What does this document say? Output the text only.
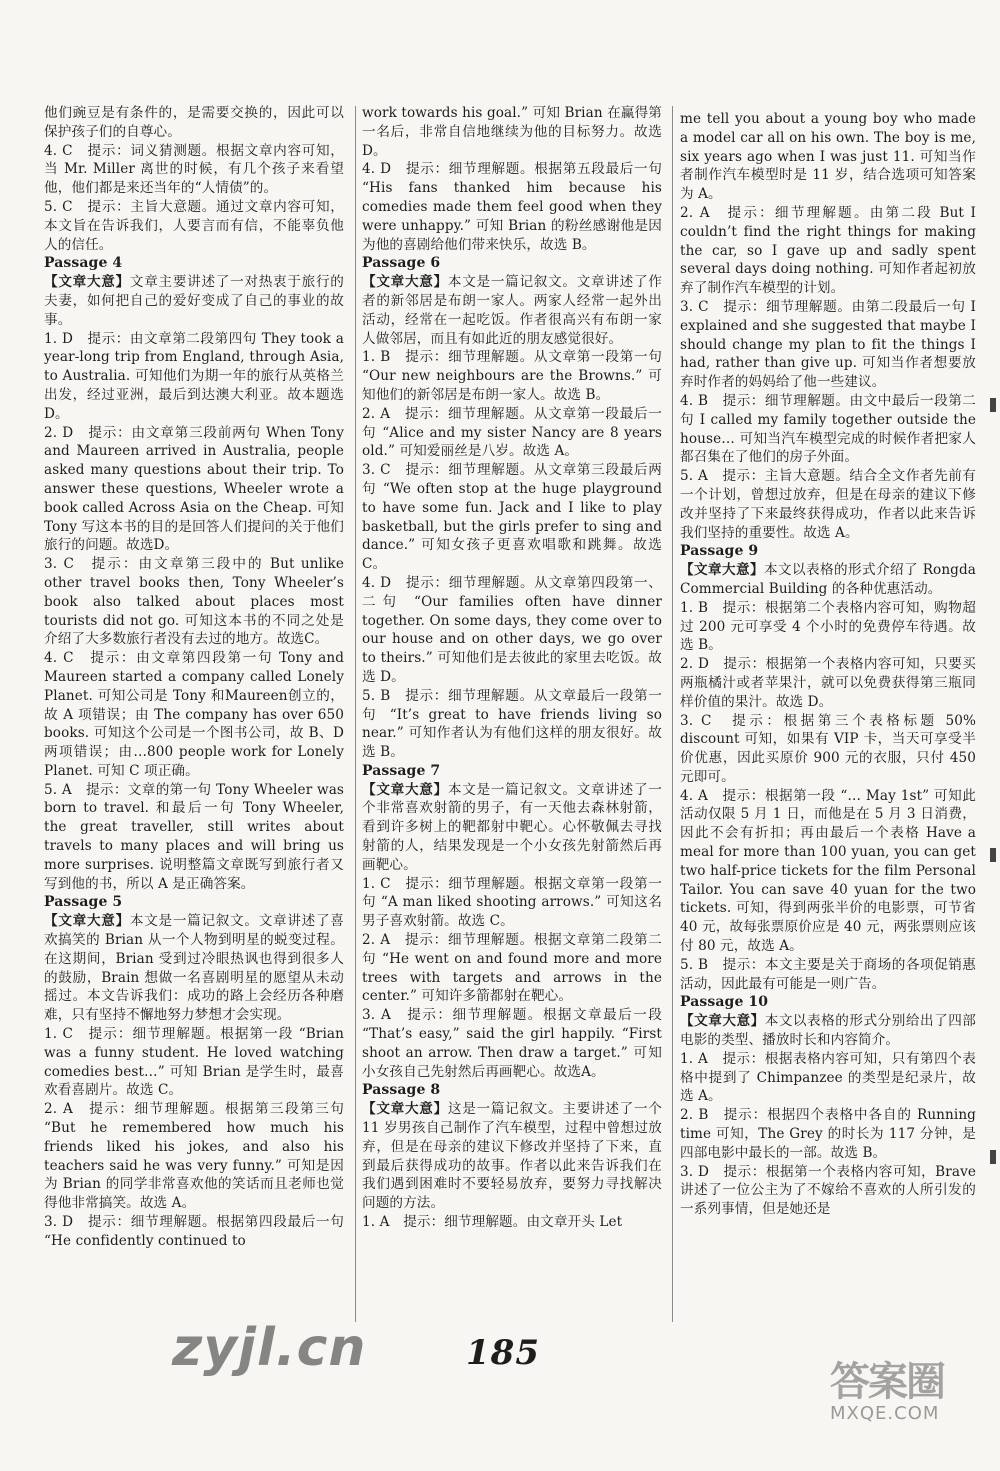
他们豌豆是有条件的，是需要交换的，因此可以保护孩子们的自尊心。
4. C　提示：词义猜测题。根据文章内容可知，当 Mr. Miller 离世的时候，有几个孩子来看望他，他们都是来还当年的“人情债”的。
5. C　提示：主旨大意题。通过文章内容可知，本文旨在告诉我们，人要言而有信，不能辜负他人的信任。
Passage 4
【文章大意】文章主要讲述了一对热衷于旅行的夫妻，如何把自己的爱好变成了自己的事业的故事。
1. D　提示：由文章第二段第四句 They took a year-long trip from England, through Asia, to Australia. 可知他们为期一年的旅行从英格兰出发，经过亚洲，最后到达澳大利亚。故本题选 D。
2. D　提示：由文章第三段前两句 When Tony and Maureen arrived in Australia, people asked many questions about their trip. To answer these questions, Wheeler wrote a book called Across Asia on the Cheap. 可知 Tony 写这本书的目的是回答人们提问的关于他们旅行的问题。故选D。
3. C　提示：由文章第三段中的 But unlike other travel books then, Tony Wheeler’s book also talked about places most tourists did not go. 可知这本书的不同之处是介绍了大多数旅行者没有去过的地方。故选C。
4. C　提示：由文章第四段第一句 Tony and Maureen started a company called Lonely Planet. 可知公司是 Tony 和Maureen创立的，故 A 项错误；由 The company has over 650 books. 可知这个公司是一个图书公司，故 B、D两项错误；由…800 people work for Lonely Planet. 可知 C 项正确。
5. A　提示：文章的第一句 Tony Wheeler was born to travel. 和最后一句 Tony Wheeler, the great traveller, still writes about travels to many places and will bring us more surprises. 说明整篇文章既写到旅行者又写到他的书，所以 A 是正确答案。
Passage 5
【文章大意】本文是一篇记叙文。文章讲述了喜欢搞笑的 Brian 从一个人物到明星的蜕变过程。在这期间，Brian 受到过冷眼热讽也得到很多人的鼓励，Brain 想做一名喜剧明星的愿望从未动摇过。本文告诉我们：成功的路上会经历各种磨难，只有坚持不懈地努力梦想才会实现。
1. C　提示：细节理解题。根据第一段 “Brian was a funny student. He loved watching comedies best…” 可知 Brian 是学生时，最喜欢看喜剧片。故选 C。
2. A　提示：细节理解题。根据第三段第三句 “But he remembered how much his friends liked his jokes, and also his teachers said he was very funny.” 可知是因为 Brian 的同学非常喜欢他的笑话而且老师也觉得他非常搞笑。故选 A。
3. D　提示：细节理解题。根据第四段最后一句 “He confidently continued to
work towards his goal.” 可知 Brian 在赢得第一名后，非常自信地继续为他的目标努力。故选 D。
4. D　提示：细节理解题。根据第五段最后一句 “His fans thanked him because his comedies made them feel good when they were unhappy.” 可知 Brian 的粉丝感谢他是因为他的喜剧给他们带来快乐，故选 B。
Passage 6
【文章大意】本文是一篇记叙文。文章讲述了作者的新邻居是布朗一家人。两家人经常一起外出活动，经常在一起吃饭。作者很高兴有布朗一家人做邻居，而且有如此近的朋友感觉很好。
1. B　提示：细节理解题。从文章第一段第一句 “Our new neighbours are the Browns.” 可知他们的新邻居是布朗一家人。故选 B。
2. A　提示：细节理解题。从文章第一段最后一句 “Alice and my sister Nancy are 8 years old.” 可知爱丽丝是八岁。故选 A。
3. C　提示：细节理解题。从文章第三段最后两句 “We often stop at the huge playground to have some fun. Jack and I like to play basketball, but the girls prefer to sing and dance.” 可知女孩子更喜欢唱歌和跳舞。故选 C。
4. D　提示：细节理解题。从文章第四段第一、二句 “Our families often have dinner together. On some days, they come over to our house and on other days, we go over to theirs.” 可知他们是去彼此的家里去吃饭。故选 D。
5. B　提示：细节理解题。从文章最后一段第一句 “It’s great to have friends living so near.” 可知作者认为有他们这样的朋友很好。故选 B。
Passage 7
【文章大意】本文是一篇记叙文。文章讲述了一个非常喜欢射箭的男子，有一天他去森林射箭，看到许多树上的靶都射中靶心。心怀敬佩去寻找射箭的人，结果发现是一个小女孩先射箭然后再画靶心。
1. C　提示：细节理解题。根据文章第一段第一句 “A man liked shooting arrows.” 可知这名男子喜欢射箭。故选 C。
2. A　提示：细节理解题。根据文章第二段第二句 “He went on and found more and more trees with targets and arrows in the center.” 可知许多箭都射在靶心。
3. A　提示：细节理解题。根据文章最后一段 “That’s easy,” said the girl happily. “First shoot an arrow. Then draw a target.” 可知小女孩自己先射然后再画靶心。故选A。
Passage 8
【文章大意】这是一篇记叙文。主要讲述了一个 11 岁男孩自己制作了汽车模型，过程中曾想过放弃，但是在母亲的建议下修改并坚持了下来，直到最后获得成功的故事。作者以此来告诉我们在我们遇到困难时不要轻易放弃，要努力寻找解决问题的方法。
1. A　提示：细节理解题。由文章开头 Let
me tell you about a young boy who made a model car all on his own. The boy is me, six years ago when I was just 11. 可知当作者制作汽车模型时是 11 岁，结合选项可知答案为 A。
2. A　提示：细节理解题。由第二段 But I couldn’t find the right things for making the car, so I gave up and sadly spent several days doing nothing. 可知作者起初放弃了制作汽车模型的计划。
3. C　提示：细节理解题。由第二段最后一句 I explained and she suggested that maybe I should change my plan to fit the things I had, rather than give up. 可知当作者想要放弃时作者的妈妈给了他一些建议。
4. B　提示：细节理解题。由文中最后一段第二句 I called my family together outside the house… 可知当汽车模型完成的时候作者把家人都召集在了他们的房子外面。
5. A　提示：主旨大意题。结合全文作者先前有一个计划，曾想过放弃，但是在母亲的建议下修改并坚持了下来最终获得成功，作者以此来告诉我们坚持的重要性。故选 A。
Passage 9
【文章大意】本文以表格的形式介绍了 Rongda Commercial Building 的各种优惠活动。
1. B　提示：根据第二个表格内容可知，购物超过 200 元可享受 4 个小时的免费停车待遇。故选 B。
2. D　提示：根据第一个表格内容可知，只要买两瓶橘汁或者苹果汁，就可以免费获得第三瓶同样价值的果汁。故选 D。
3. C　提示：根据第三个表格标题 50% discount 可知，如果有 VIP 卡，当天可享受半价优惠，因此买原价 900 元的衣服，只付 450 元即可。
4. A　提示：根据第一段 “… May 1st” 可知此活动仅限 5 月 1 日，而他是在 5 月 3 日消费，因此不会有折扣；再由最后一个表格 Have a meal for more than 100 yuan, you can get two half-price tickets for the film Personal Tailor. You can save 40 yuan for the two tickets. 可知，得到两张半价的电影票，可节省 40 元，故每张票原价应是 40 元，两张票则应该付 80 元，故选 A。
5. B　提示：本文主要是关于商场的各项促销惠活动，因此最有可能是一则广告。
Passage 10
【文章大意】本文以表格的形式分别给出了四部电影的类型、播放时长和内容简介。
1. A　提示：根据表格内容可知，只有第四个表格中提到了 Chimpanzee 的类型是纪录片，故选 A。
2. B　提示：根据四个表格中各自的 Running time 可知，The Grey 的时长为 117 分钟，是四部电影中最长的一部。故选 B。
3. D　提示：根据第一个表格内容可知，Brave 讲述了一位公主为了不嫁给不喜欢的人所引发的一系列事情，但是她还是
185
zyjl.cn
答案圈
MXQE.COM
